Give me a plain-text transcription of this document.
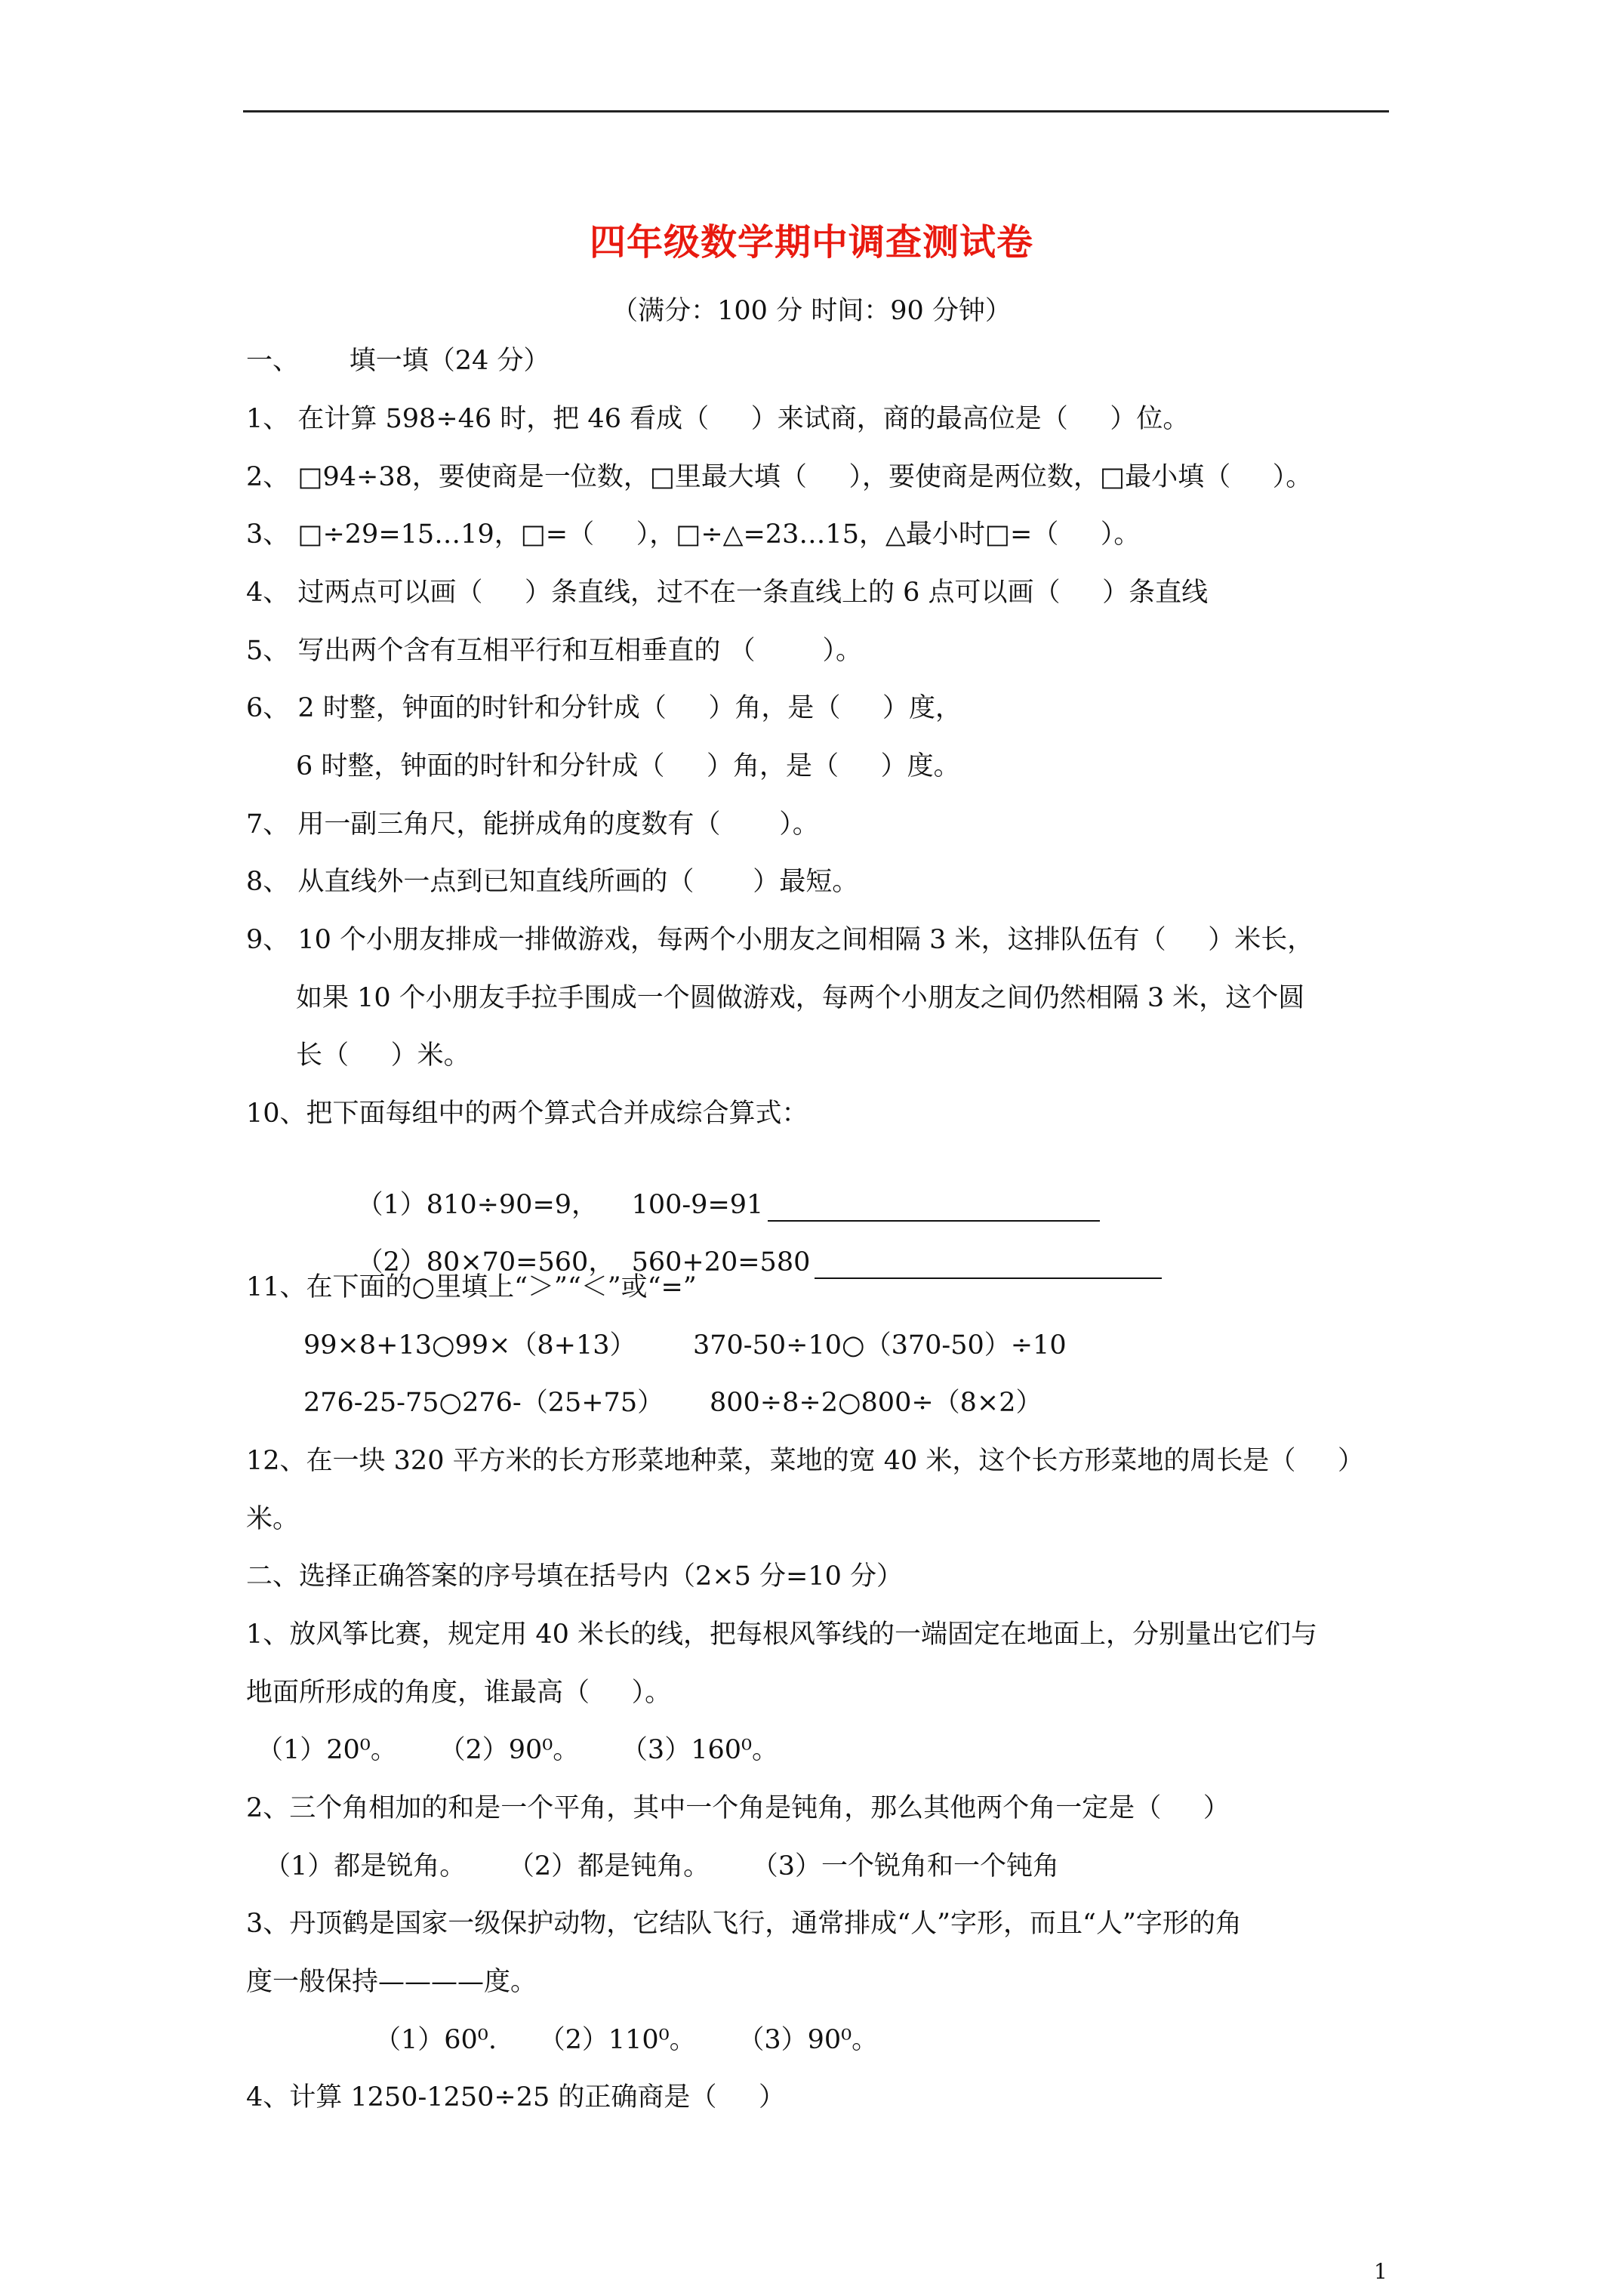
四年级数学期中调查测试卷
（满分：100 分 时间：90 分钟）
一、      填一填（24 分）
1、 在计算 598÷46 时，把 46 看成（     ）来试商，商的最高位是（     ）位。
2、 □94÷38，要使商是一位数，□里最大填（     ），要使商是两位数，□最小填（     ）。
3、 □÷29=15…19，□=（     ），□÷△=23…15，△最小时□=（     ）。
4、 过两点可以画（     ）条直线，过不在一条直线上的 6 点可以画（     ）条直线
5、 写出两个含有互相平行和互相垂直的 （        ）。
6、 2 时整，钟面的时针和分针成（     ）角，是（     ）度，
6 时整，钟面的时针和分针成（     ）角，是（     ）度。
7、 用一副三角尺，能拼成角的度数有（       ）。
8、 从直线外一点到已知直线所画的（       ）最短。
9、 10 个小朋友排成一排做游戏，每两个小朋友之间相隔 3 米，这排队伍有（     ）米长，
如果 10 个小朋友手拉手围成一个圆做游戏，每两个小朋友之间仍然相隔 3 米，这个圆
长（     ）米。
10、把下面每组中的两个算式合并成综合算式：

（1）810÷90=9，    100-9=91

（2）80×70=560，  560+20=580

11、在下面的○里填上“＞”“＜”或“=”
99×8+13○99×（8+13） 370-50÷10○（370-50）÷10
276-25-75○276-（25+75） 800÷8÷2○800÷（8×2）
12、在一块 320 平方米的长方形菜地种菜，菜地的宽 40 米，这个长方形菜地的周长是（     ）
米。
二、选择正确答案的序号填在括号内（2×5 分=10 分）
1、放风筝比赛，规定用 40 米长的线，把每根风筝线的一端固定在地面上，分别量出它们与
地面所形成的角度，谁最高（     ）。
（1）20⁰。     （2）90⁰。     （3）160⁰。
2、三个角相加的和是一个平角，其中一个角是钝角，那么其他两个角一定是（     ）
（1）都是锐角。     （2）都是钝角。     （3）一个锐角和一个钝角
3、丹顶鹤是国家一级保护动物，它结队飞行，通常排成“人”字形，而且“人”字形的角
度一般保持————度。
（1）60⁰.     （2）110⁰。     （3）90⁰。
4、计算 1250-1250÷25 的正确商是（     ）
1
